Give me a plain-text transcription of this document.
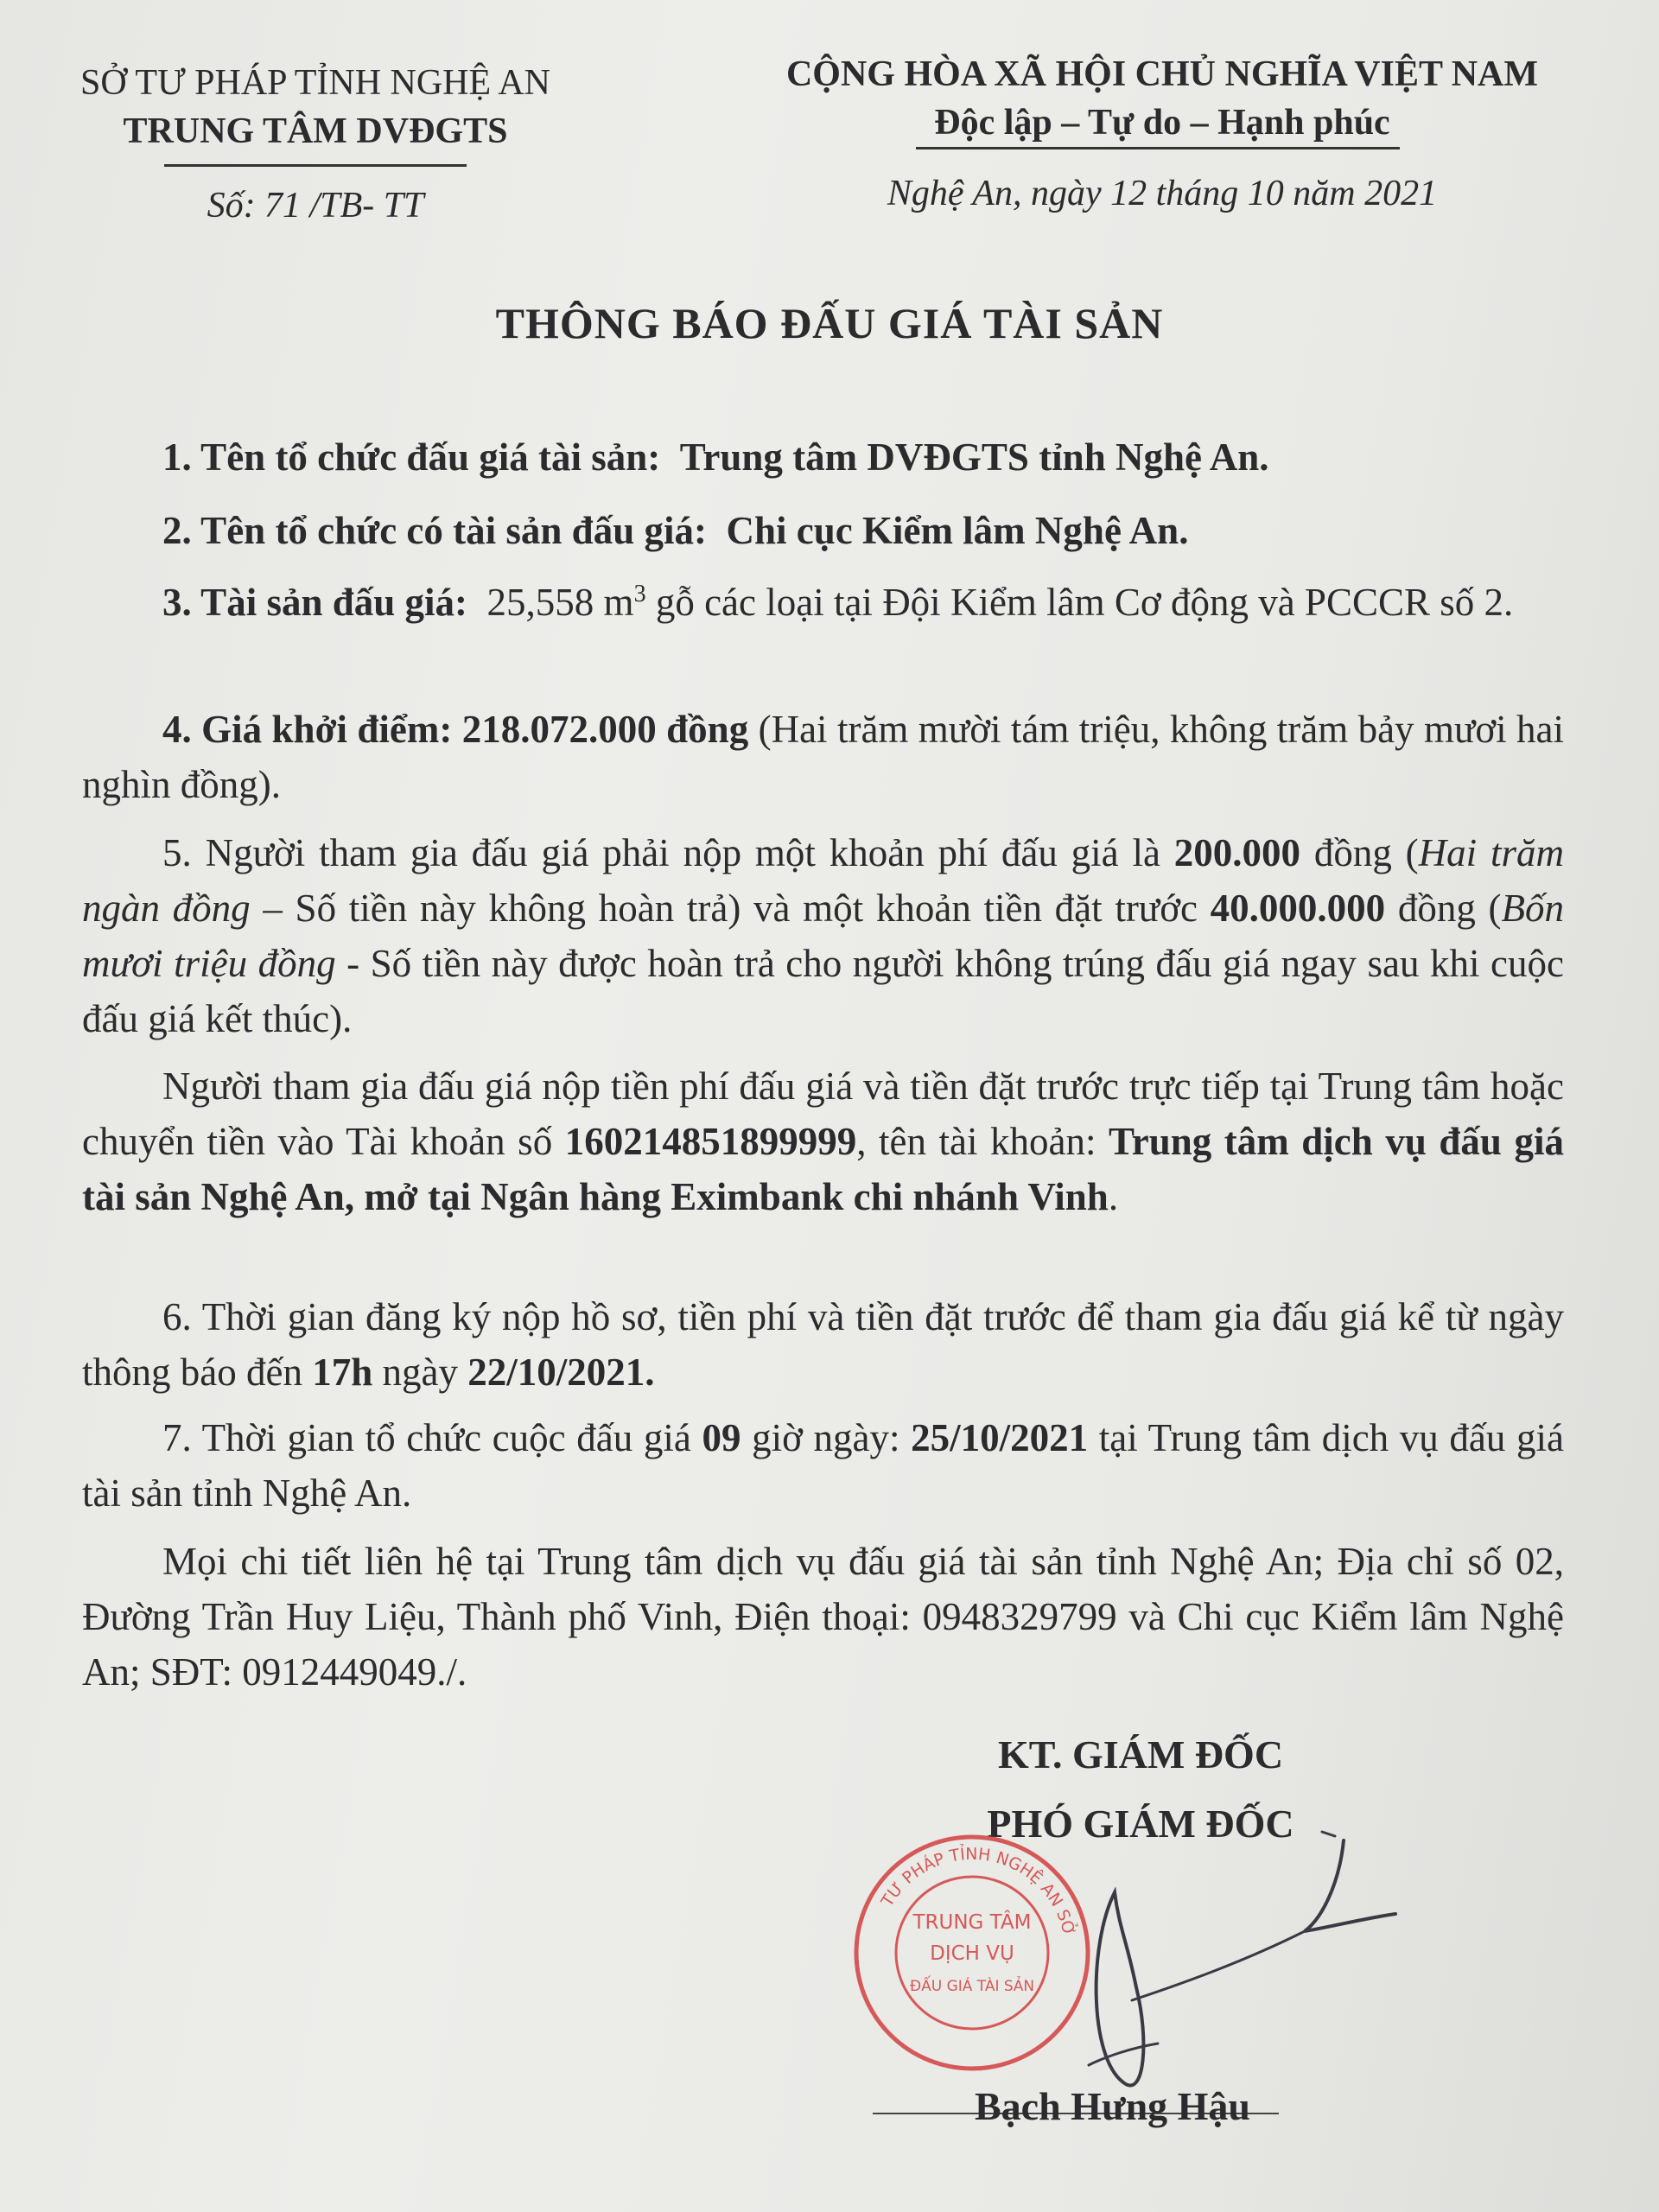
SỞ TƯ PHÁP TỈNH NGHỆ AN
TRUNG TÂM DVĐGTS
Số: 71 /TB- TT
CỘNG HÒA XÃ HỘI CHỦ NGHĨA VIỆT NAM
Độc lập – Tự do – Hạnh phúc
Nghệ An, ngày 12 tháng 10 năm 2021
THÔNG BÁO ĐẤU GIÁ TÀI SẢN
1. Tên tổ chức đấu giá tài sản: Trung tâm DVĐGTS tỉnh Nghệ An.
2. Tên tổ chức có tài sản đấu giá: Chi cục Kiểm lâm Nghệ An.
3. Tài sản đấu giá: 25,558 $m^3$ gỗ các loại tại Đội Kiểm lâm Cơ động và PCCCR số 2.
4. Giá khởi điểm: 218.072.000 đồng (Hai trăm mười tám triệu, không trăm bảy mươi hai nghìn đồng).
5. Người tham gia đấu giá phải nộp một khoản phí đấu giá là 200.000 đồng (Hai trăm ngàn đồng – Số tiền này không hoàn trả) và một khoản tiền đặt trước 40.000.000 đồng (Bốn mươi triệu đồng - Số tiền này được hoàn trả cho người không trúng đấu giá ngay sau khi cuộc đấu giá kết thúc).
Người tham gia đấu giá nộp tiền phí đấu giá và tiền đặt trước trực tiếp tại Trung tâm hoặc chuyển tiền vào Tài khoản số 160214851899999, tên tài khoản: Trung tâm dịch vụ đấu giá tài sản Nghệ An, mở tại Ngân hàng Eximbank chi nhánh Vinh.
6. Thời gian đăng ký nộp hồ sơ, tiền phí và tiền đặt trước để tham gia đấu giá kể từ ngày thông báo đến 17h ngày 22/10/2021.
7. Thời gian tổ chức cuộc đấu giá 09 giờ ngày: 25/10/2021 tại Trung tâm dịch vụ đấu giá tài sản tỉnh Nghệ An.
Mọi chi tiết liên hệ tại Trung tâm dịch vụ đấu giá tài sản tỉnh Nghệ An; Địa chỉ số 02, Đường Trần Huy Liệu, Thành phố Vinh, Điện thoại: 0948329799 và Chi cục Kiểm lâm Nghệ An; SĐT: 0912449049./.
KT. GIÁM ĐỐC
PHÓ GIÁM ĐỐC
TƯ PHÁP TỈNH NGHỆ AN SỞ
TRUNG TÂM
DỊCH VỤ
ĐẤU GIÁ TÀI SẢN
Bạch Hưng Hậu
